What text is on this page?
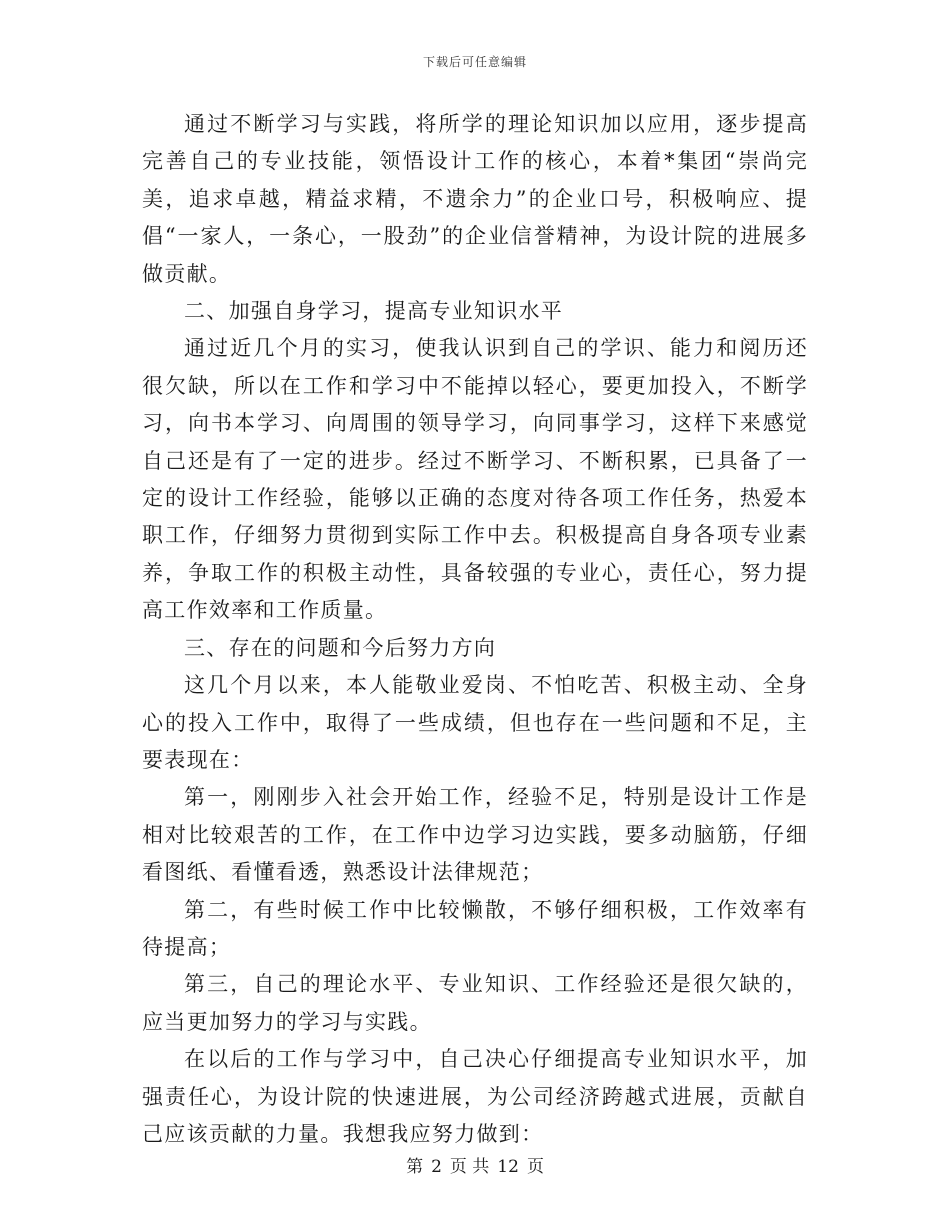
下载后可任意编辑

通过不断学习与实践，将所学的理论知识加以应用，逐步提高完善自己的专业技能，领悟设计工作的核心，本着*集团“崇尚完美，追求卓越，精益求精，不遗余力”的企业口号，积极响应、提倡“一家人，一条心，一股劲”的企业信誉精神，为设计院的进展多做贡献。

二、加强自身学习，提高专业知识水平

通过近几个月的实习，使我认识到自己的学识、能力和阅历还很欠缺，所以在工作和学习中不能掉以轻心，要更加投入，不断学习，向书本学习、向周围的领导学习，向同事学习，这样下来感觉自己还是有了一定的进步。经过不断学习、不断积累，已具备了一定的设计工作经验，能够以正确的态度对待各项工作任务，热爱本职工作，仔细努力贯彻到实际工作中去。积极提高自身各项专业素养，争取工作的积极主动性，具备较强的专业心，责任心，努力提高工作效率和工作质量。

三、存在的问题和今后努力方向

这几个月以来，本人能敬业爱岗、不怕吃苦、积极主动、全身心的投入工作中，取得了一些成绩，但也存在一些问题和不足，主要表现在：

第一，刚刚步入社会开始工作，经验不足，特别是设计工作是相对比较艰苦的工作，在工作中边学习边实践，要多动脑筋，仔细看图纸、看懂看透，熟悉设计法律规范；

第二，有些时候工作中比较懒散，不够仔细积极，工作效率有待提高；

第三，自己的理论水平、专业知识、工作经验还是很欠缺的，应当更加努力的学习与实践。

在以后的工作与学习中，自己决心仔细提高专业知识水平，加强责任心，为设计院的快速进展，为公司经济跨越式进展，贡献自己应该贡献的力量。我想我应努力做到：

第 2 页 共 12 页
